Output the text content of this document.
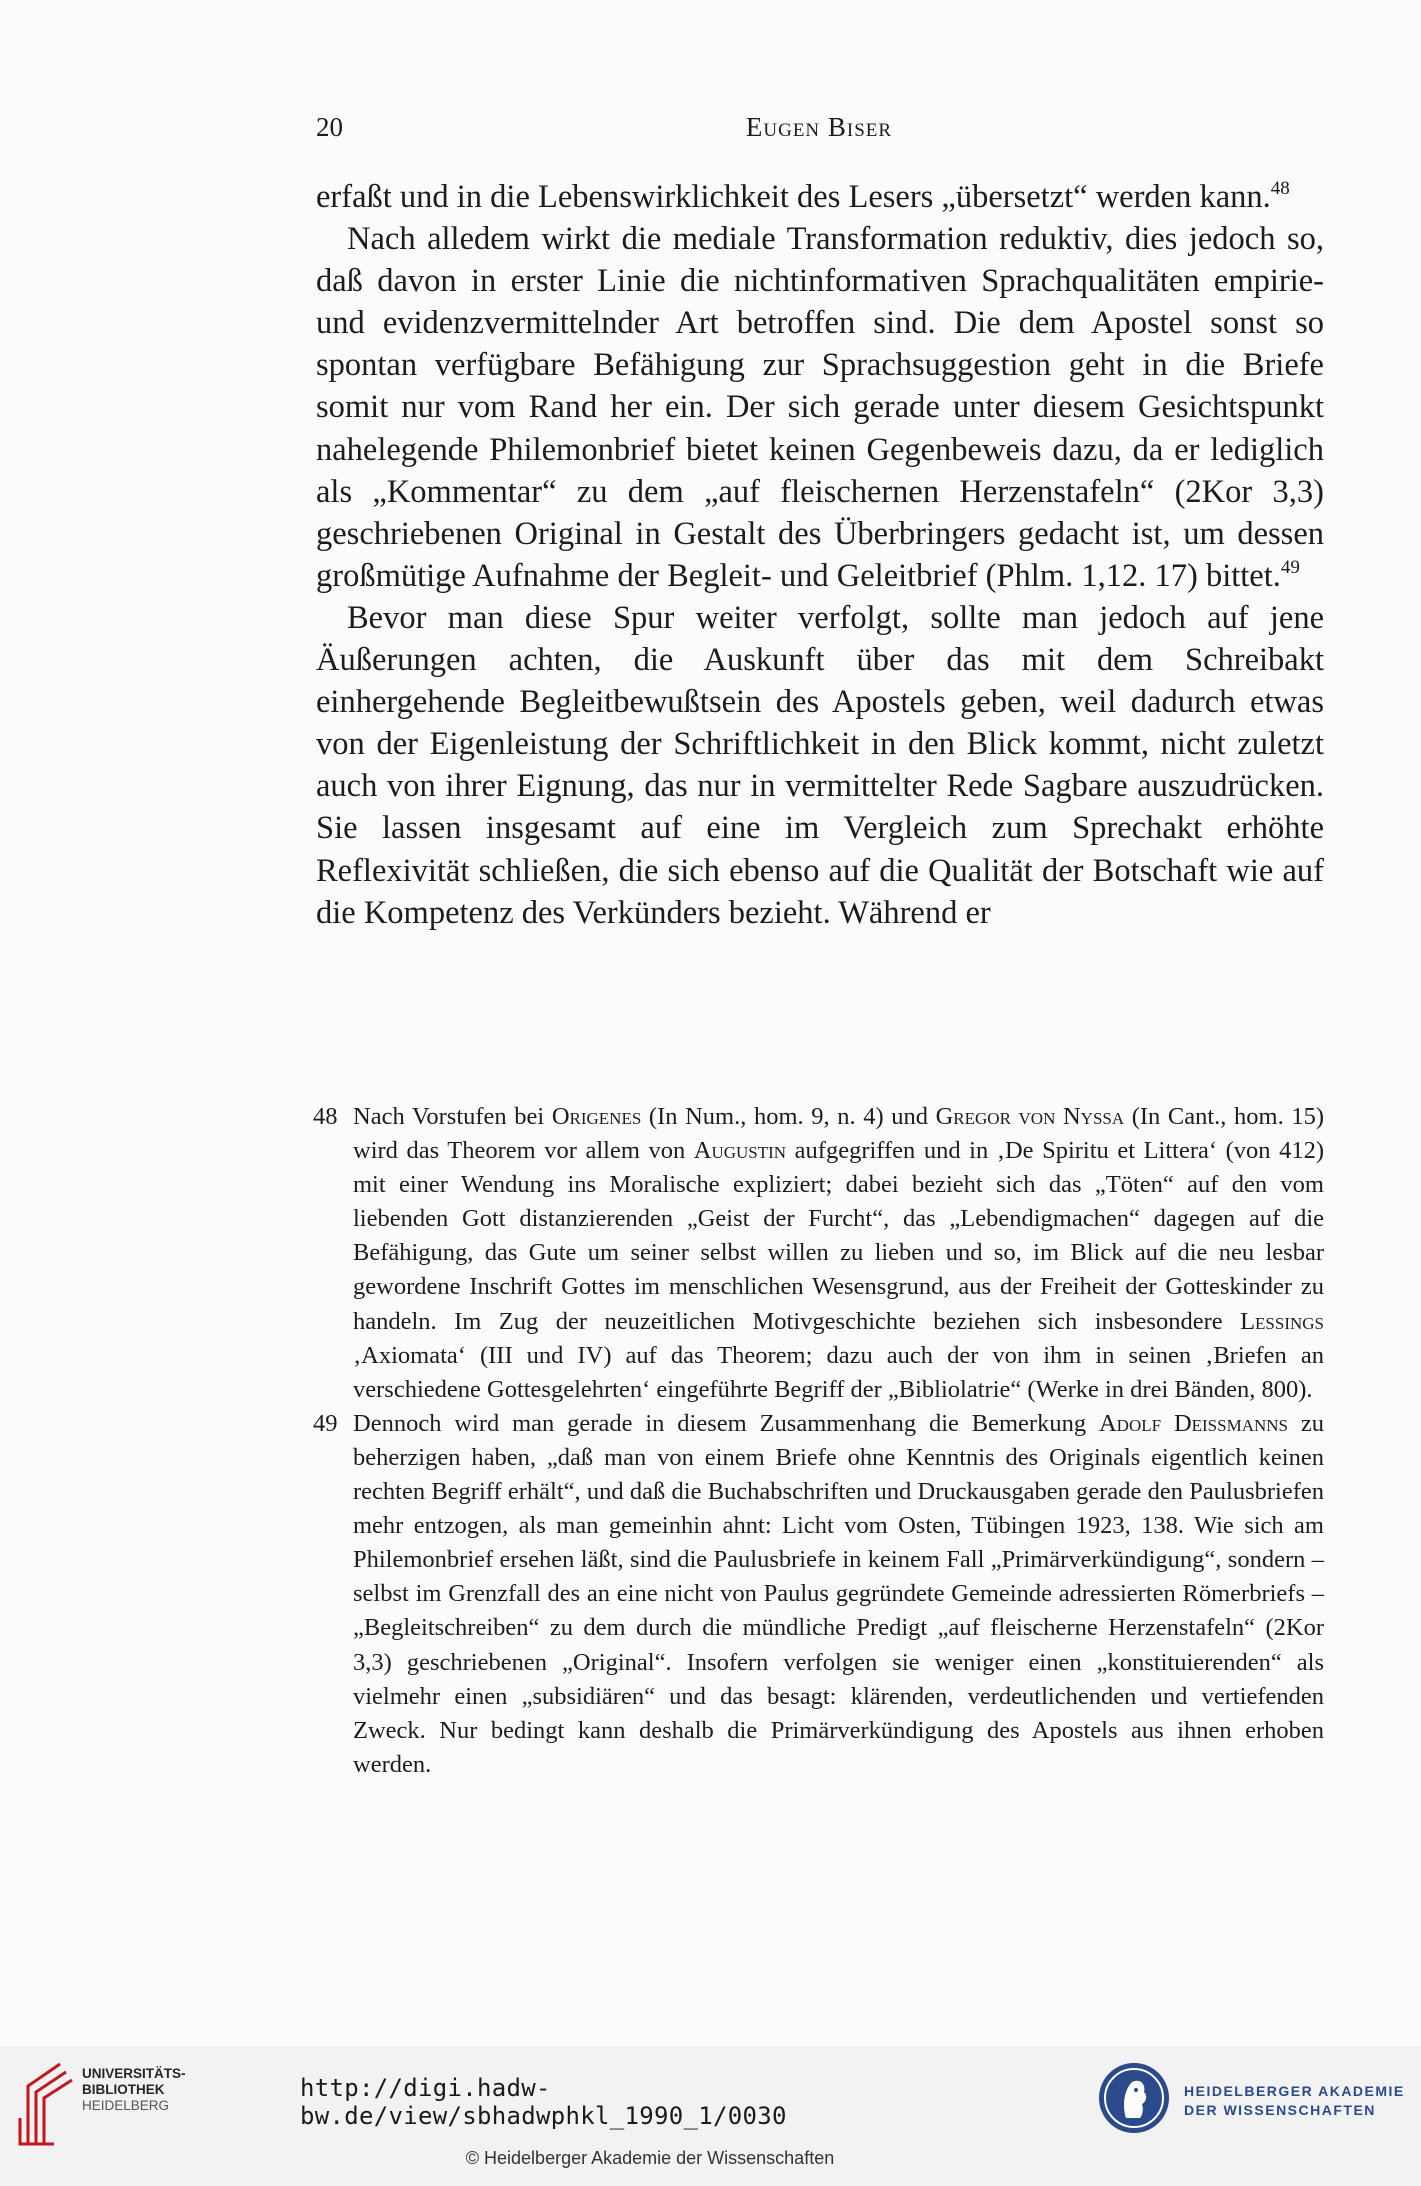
20	Eugen Biser

erfaßt und in die Lebenswirklichkeit des Lesers „übersetzt“ werden kann.$^{48}$

Nach alledem wirkt die mediale Transformation reduktiv, dies jedoch so, daß davon in erster Linie die nichtinformativen Sprachqualitäten empirie- und evidenzvermittelnder Art betroffen sind. Die dem Apostel sonst so spontan verfügbare Befähigung zur Sprachsuggestion geht in die Briefe somit nur vom Rand her ein. Der sich gerade unter diesem Gesichtspunkt nahelegende Philemonbrief bietet keinen Gegenbeweis dazu, da er lediglich als „Kommentar“ zu dem „auf fleischernen Herzenstafeln“ (2Kor 3,3) geschriebenen Original in Gestalt des Überbringers gedacht ist, um dessen großmütige Aufnahme der Begleit- und Geleitbrief (Phlm. 1,12. 17) bittet.$^{49}$

Bevor man diese Spur weiter verfolgt, sollte man jedoch auf jene Äußerungen achten, die Auskunft über das mit dem Schreibakt einhergehende Begleitbewußtsein des Apostels geben, weil dadurch etwas von der Eigenleistung der Schriftlichkeit in den Blick kommt, nicht zuletzt auch von ihrer Eignung, das nur in vermittelter Rede Sagbare auszudrücken. Sie lassen insgesamt auf eine im Vergleich zum Sprechakt erhöhte Reflexivität schließen, die sich ebenso auf die Qualität der Botschaft wie auf die Kompetenz des Verkünders bezieht. Während er

48 Nach Vorstufen bei Origenes (In Num., hom. 9, n. 4) und Gregor von Nyssa (In Cant., hom. 15) wird das Theorem vor allem von Augustin aufgegriffen und in ‚De Spiritu et Littera‘ (von 412) mit einer Wendung ins Moralische expliziert; dabei bezieht sich das „Töten“ auf den vom liebenden Gott distanzierenden „Geist der Furcht“, das „Lebendigmachen“ dagegen auf die Befähigung, das Gute um seiner selbst willen zu lieben und so, im Blick auf die neu lesbar gewordene Inschrift Gottes im menschlichen Wesensgrund, aus der Freiheit der Gotteskinder zu handeln. Im Zug der neuzeitlichen Motivgeschichte beziehen sich insbesondere Lessings ‚Axiomata‘ (III und IV) auf das Theorem; dazu auch der von ihm in seinen ‚Briefen an verschiedene Gottesgelehrten‘ eingeführte Begriff der „Bibliolatrie“ (Werke in drei Bänden, 800).

49 Dennoch wird man gerade in diesem Zusammenhang die Bemerkung Adolf Deissmanns zu beherzigen haben, „daß man von einem Briefe ohne Kenntnis des Originals eigentlich keinen rechten Begriff erhält“, und daß die Buchabschriften und Druckausgaben gerade den Paulusbriefen mehr entzogen, als man gemeinhin ahnt: Licht vom Osten, Tübingen 1923, 138. Wie sich am Philemonbrief ersehen läßt, sind die Paulusbriefe in keinem Fall „Primärverkündigung“, sondern – selbst im Grenzfall des an eine nicht von Paulus gegründete Gemeinde adressierten Römerbriefs – „Begleitschreiben“ zu dem durch die mündliche Predigt „auf fleischerne Herzenstafeln“ (2Kor 3,3) geschriebenen „Original“. Insofern verfolgen sie weniger einen „konstituierenden“ als vielmehr einen „subsidiären“ und das besagt: klärenden, verdeutlichenden und vertiefenden Zweck. Nur bedingt kann deshalb die Primärverkündigung des Apostels aus ihnen erhoben werden.

UNIVERSITÄTS-
BIBLIOTHEK
HEIDELBERG
http://digi.hadw-bw.de/view/sbhadwphkl_1990_1/0030
© Heidelberger Akademie der Wissenschaften
HEIDELBERGER AKADEMIE
DER WISSENSCHAFTEN
